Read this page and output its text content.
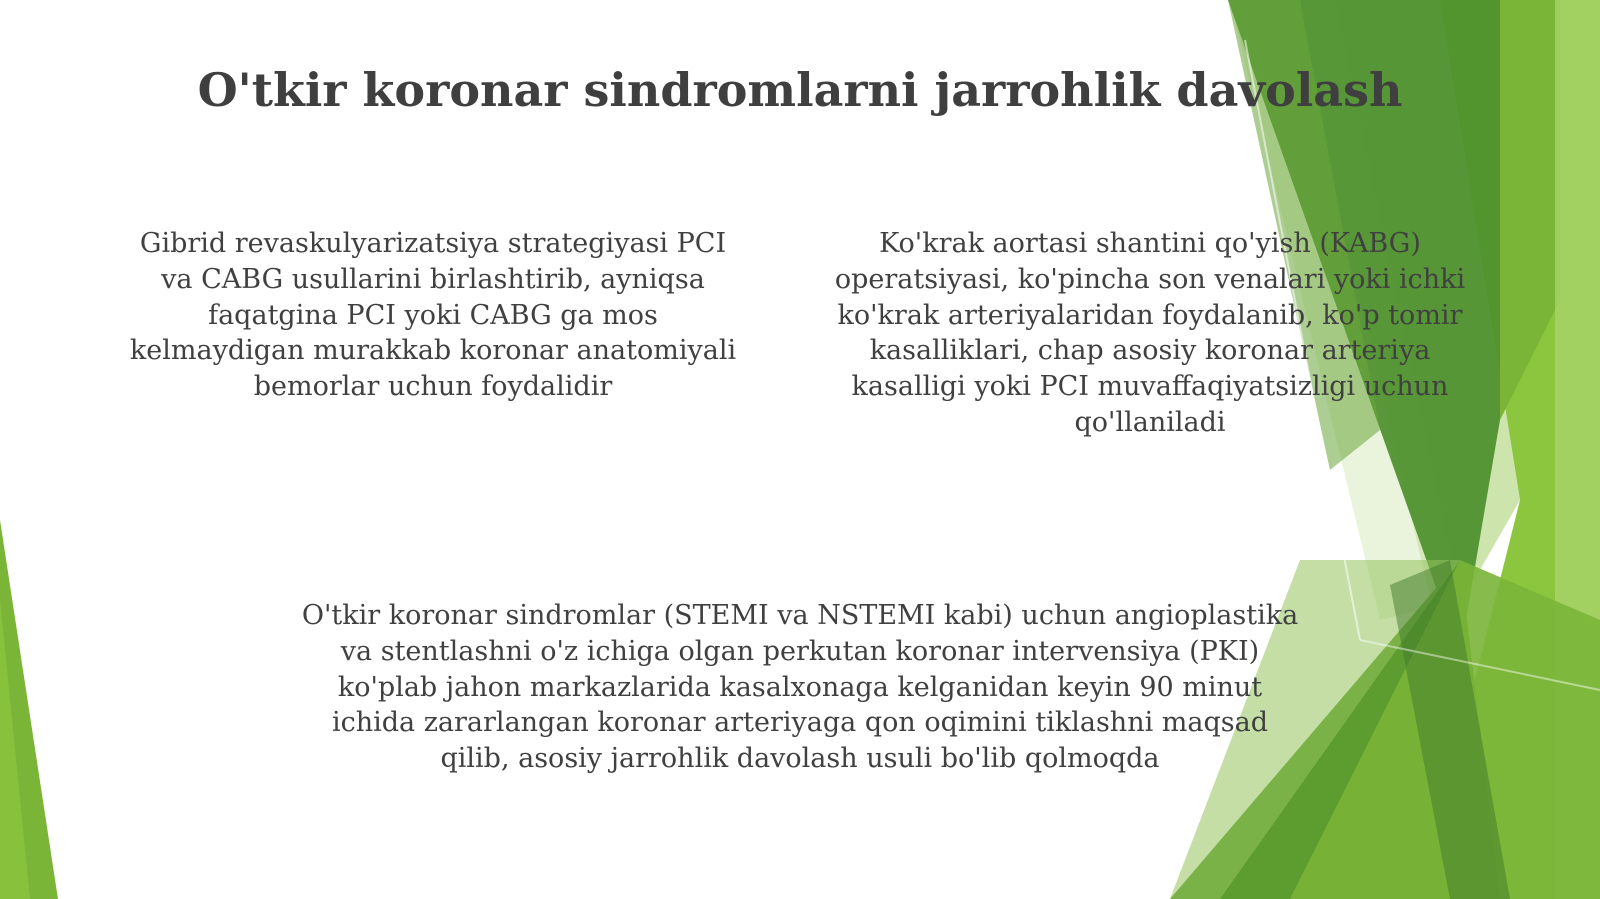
O'tkir koronar sindromlarni jarrohlik davolash

Gibrid revaskulyarizatsiya strategiyasi PCI
va CABG usullarini birlashtirib, ayniqsa
faqatgina PCI yoki CABG ga mos
kelmaydigan murakkab koronar anatomiyali
bemorlar uchun foydalidir

Ko'krak aortasi shantini qo'yish (KABG)
operatsiyasi, ko'pincha son venalari yoki ichki
ko'krak arteriyalaridan foydalanib, ko'p tomir
kasalliklari, chap asosiy koronar arteriya
kasalligi yoki PCI muvaffaqiyatsizligi uchun
qo'llaniladi

O'tkir koronar sindromlar (STEMI va NSTEMI kabi) uchun angioplastika
va stentlashni o'z ichiga olgan perkutan koronar intervensiya (PKI)
ko'plab jahon markazlarida kasalxonaga kelganidan keyin 90 minut
ichida zararlangan koronar arteriyaga qon oqimini tiklashni maqsad
qilib, asosiy jarrohlik davolash usuli bo'lib qolmoqda
